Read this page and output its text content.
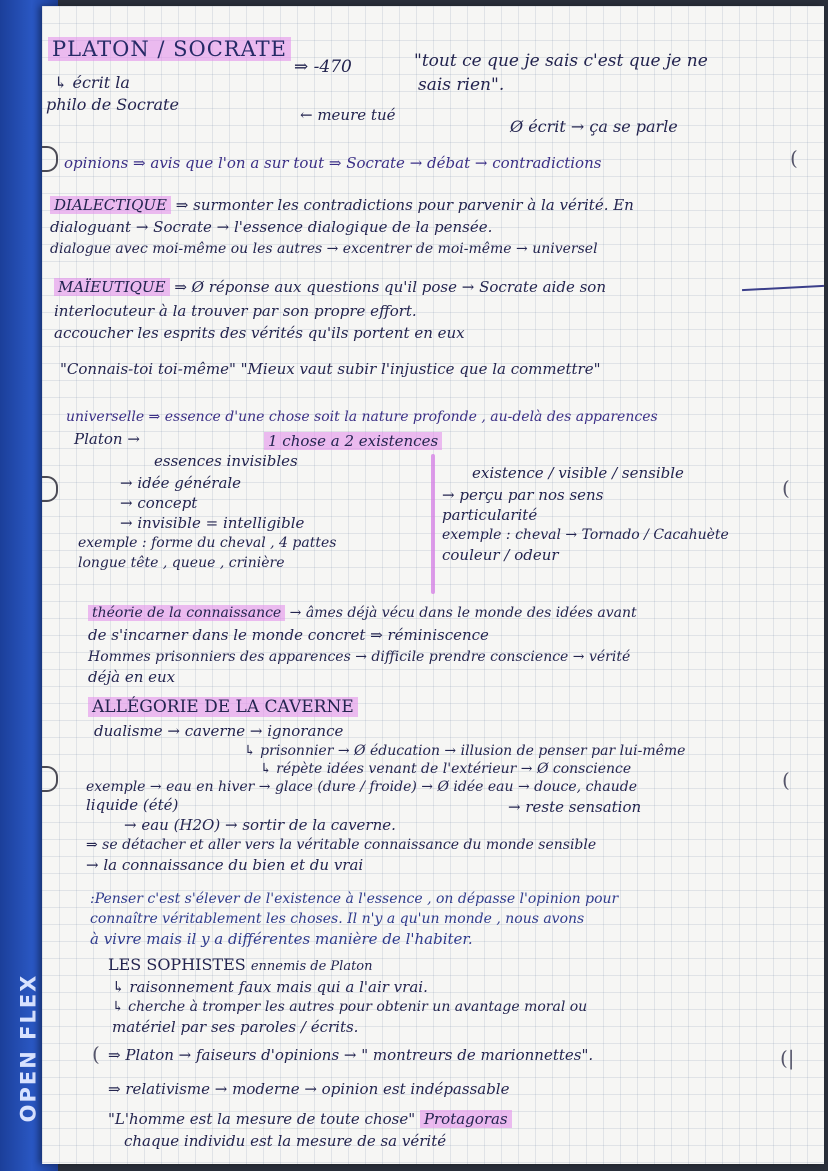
OPEN FLEX
(
(
(
(|
(

PLATON / SOCRATE

⇒ -470	"tout ce que je sais c'est que je ne

sais rien".

↳ écrit la

philo de Socrate

← meure tué

Ø écrit → ça se parle

opinions ⇒ avis que l'on a sur tout ⇒ Socrate → débat → contradictions

DIALECTIQUE ⇒ surmonter les contradictions pour parvenir à la vérité. En

dialoguant → Socrate → l'essence dialogique de la pensée.

dialogue avec moi-même ou les autres → excentrer de moi-même → universel

MAÏEUTIQUE ⇒ Ø réponse aux questions qu'il pose → Socrate aide son

interlocuteur à la trouver par son propre effort.

accoucher les esprits des vérités qu'ils portent en eux

"Connais-toi toi-même" "Mieux vaut subir l'injustice que la commettre"

universelle ⇒ essence d'une chose soit la nature profonde , au-delà des apparences

Platon →	1 chose a 2 existences

essences invisibles

→ idée générale

→ concept

→ invisible = intelligible

exemple : forme du cheval , 4 pattes

longue tête , queue , crinière

existence / visible / sensible

→ perçu par nos sens

particularité

exemple : cheval → Tornado / Cacahuète

couleur / odeur

théorie de la connaissance → âmes déjà vécu dans le monde des idées avant

de s'incarner dans le monde concret ⇒ réminiscence

Hommes prisonniers des apparences → difficile prendre conscience → vérité

déjà en eux

ALLÉGORIE DE LA CAVERNE

dualisme → caverne → ignorance

↳ prisonnier → Ø éducation → illusion de penser par lui-même

↳ répète idées venant de l'extérieur → Ø conscience

exemple → eau en hiver → glace (dure / froide) → Ø idée eau → douce, chaude

liquide (été)	→ reste sensation

→ eau (H2O) → sortir de la caverne.

⇒ se détacher et aller vers la véritable connaissance du monde sensible

→ la connaissance du bien et du vrai

:Penser c'est s'élever de l'existence à l'essence , on dépasse l'opinion pour

connaître véritablement les choses. Il n'y a qu'un monde , nous avons

à vivre mais il y a différentes manière de l'habiter.

LES SOPHISTES ennemis de Platon

↳ raisonnement faux mais qui a l'air vrai.

↳ cherche à tromper les autres pour obtenir un avantage moral ou

matériel par ses paroles / écrits.

⇒ Platon → faiseurs d'opinions → " montreurs de marionnettes".

⇒ relativisme → moderne → opinion est indépassable

"L'homme est la mesure de toute chose" Protagoras

chaque individu est la mesure de sa vérité
